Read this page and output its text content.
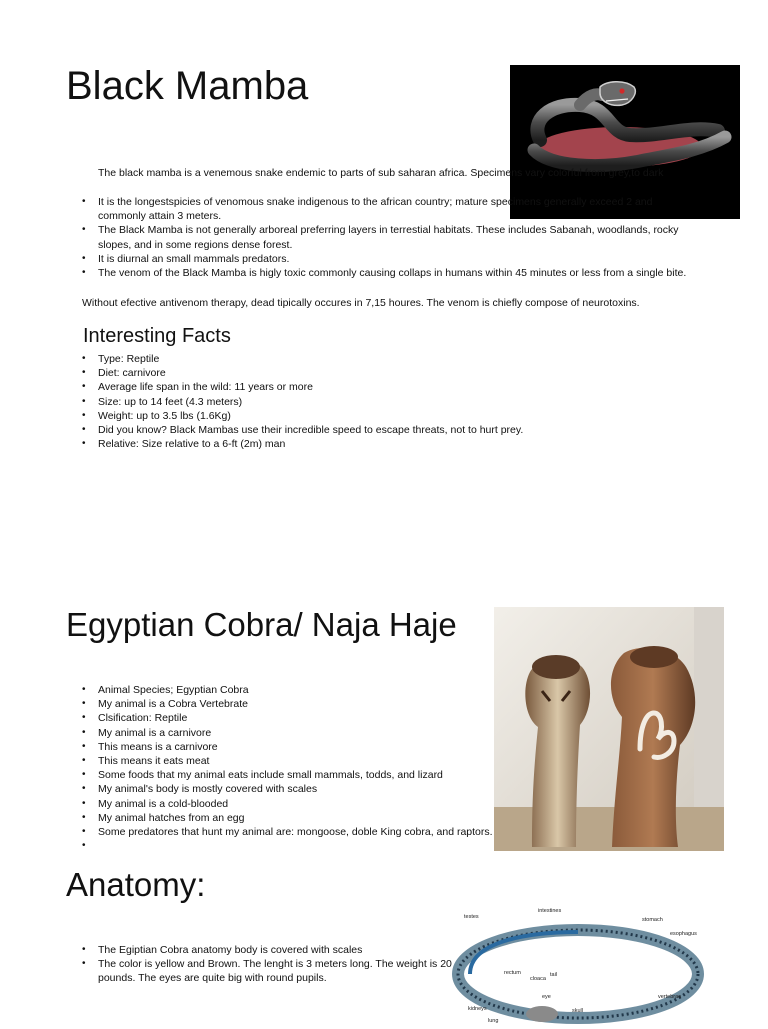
Black Mamba

The black mamba is a venemous snake endemic to parts of sub saharan africa. Specimens vary colorful from grey,to dark

• It is the longestspicies of venomous snake indigenous to the african country; mature specimens generally exceed 2 and commonly attain 3 meters.
• The Black Mamba is not generally arboreal preferring layers in terrestial habitats. These includes Sabanah, woodlands, rocky slopes, and in some regions dense forest.
• It is diurnal an small mammals predators.
• The venom of the Black Mamba is higly toxic commonly causing collaps in humans within 45 minutes or less from a single bite.

Without efective antivenom therapy, dead tipically occures in 7,15 houres. The venom is chiefly compose of neurotoxins.

Interesting Facts
• Type: Reptile
• Diet: carnivore
• Average life span in the wild: 11 years or more
• Size: up to 14 feet (4.3 meters)
• Weight: up to 3.5 lbs (1.6Kg)
• Did you know? Black Mambas use their incredible speed to escape threats, not to hurt prey.
• Relative: Size relative to a 6-ft (2m) man
Egyptian Cobra/ Naja Haje
• Animal Species; Egyptian Cobra
• My animal is a Cobra Vertebrate
• Clsification: Reptile
• My animal is a carnivore
• This means is a carnivore
• This means it eats meat
• Some foods that my animal eats include small mammals, todds, and lizard
• My animal's body is mostly covered with scales
• My animal is a cold-blooded
• My animal hatches from an egg
• Some predatores that hunt my animal are: mongoose, doble King cobra, and raptors.
•
Anatomy:
• The Egiptian Cobra anatomy body is covered with scales
• The color is yellow and Brown. The lenght is 3 meters long. The weight is 20 pounds. The eyes are quite big with round pupils.
testes
intestines
stomach
esophagus
rectum
cloaca
tail
kidneys
eye
skull
vertebrae
lung
